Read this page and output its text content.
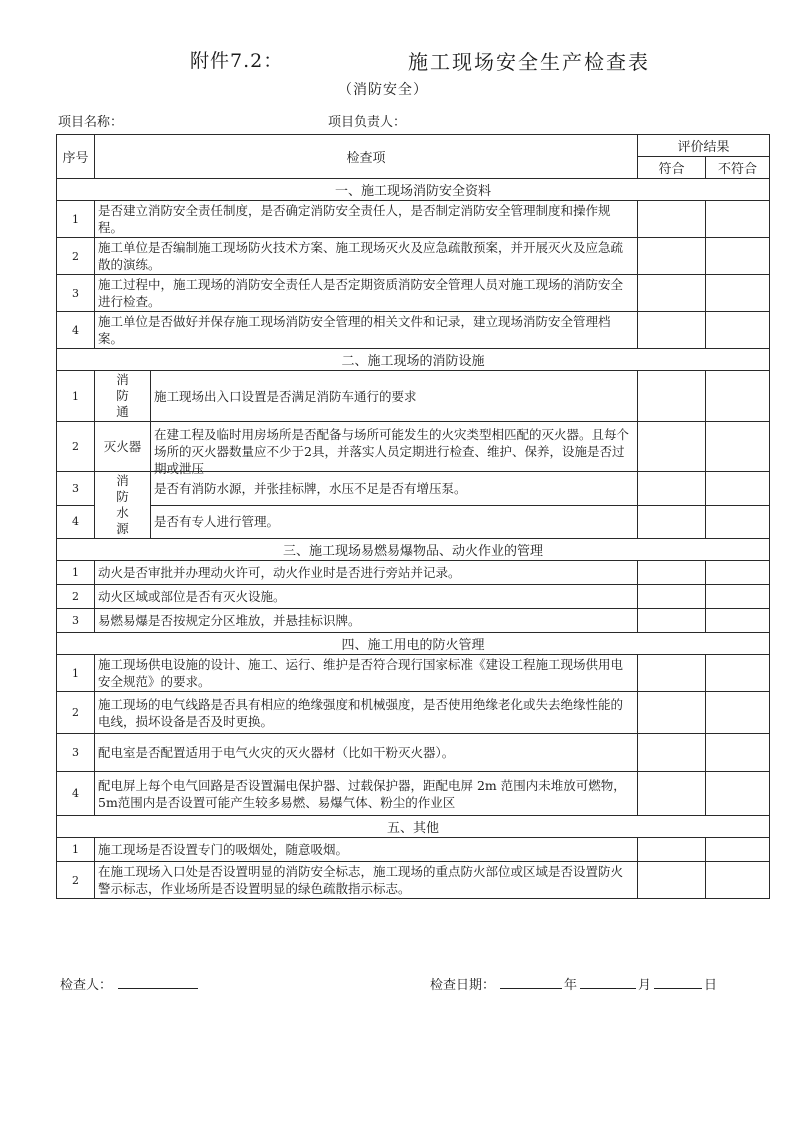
附件7.2：	施工现场安全生产检查表
（消防安全）
项目名称：	项目负责人：
序号	检查项		评价结果	
			符合	不符合
一、施工现场消防安全资料				
1	是否建立消防安全责任制度，是否确定消防安全责任人，是否制定消防安全管理制度和操作规程。			
2	施工单位是否编制施工现场防火技术方案、施工现场灭火及应急疏散预案，并开展灭火及应急疏散的演练。			
3	施工过程中，施工现场的消防安全责任人是否定期资质消防安全管理人员对施工现场的消防安全进行检查。			
4	施工单位是否做好并保存施工现场消防安全管理的相关文件和记录，建立现场消防安全管理档案。			
二、施工现场的消防设施				
1	消防通	施工现场出入口设置是否满足消防车通行的要求		
2	灭火器	在建工程及临时用房场所是否配备与场所可能发生的火灾类型相匹配的灭火器。且每个场所的灭火器数量应不少于2具，并落实人员定期进行检查、维护、保养，设施是否过期或泄压		

3	消防水源	是否有消防水源，并张挂标牌，水压不足是否有增压泵。		
4		是否有专人进行管理。		
三、施工现场易燃易爆物品、动火作业的管理				
1	动火是否审批并办理动火许可，动火作业时是否进行旁站并记录。			
2	动火区域或部位是否有灭火设施。			
3	易燃易爆是否按规定分区堆放，并悬挂标识牌。			
四、施工用电的防火管理				
1	施工现场供电设施的设计、施工、运行、维护是否符合现行国家标准《建设工程施工现场供用电安全规范》的要求。			
2	施工现场的电气线路是否具有相应的绝缘强度和机械强度，是否使用绝缘老化或失去绝缘性能的电线，损坏设备是否及时更换。			
3	配电室是否配置适用于电气火灾的灭火器材（比如干粉灭火器）。			
4	配电屏上每个电气回路是否设置漏电保护器、过载保护器，距配电屏 2m 范围内未堆放可燃物，5m范围内是否设置可能产生较多易燃、易爆气体、粉尘的作业区			
五、其他				
1	施工现场是否设置专门的吸烟处，随意吸烟。			
2	在施工现场入口处是否设置明显的消防安全标志，施工现场的重点防火部位或区域是否设置防火警示标志，作业场所是否设置明显的绿色疏散指示标志。			

检查人：	检查日期：	年	月	日
